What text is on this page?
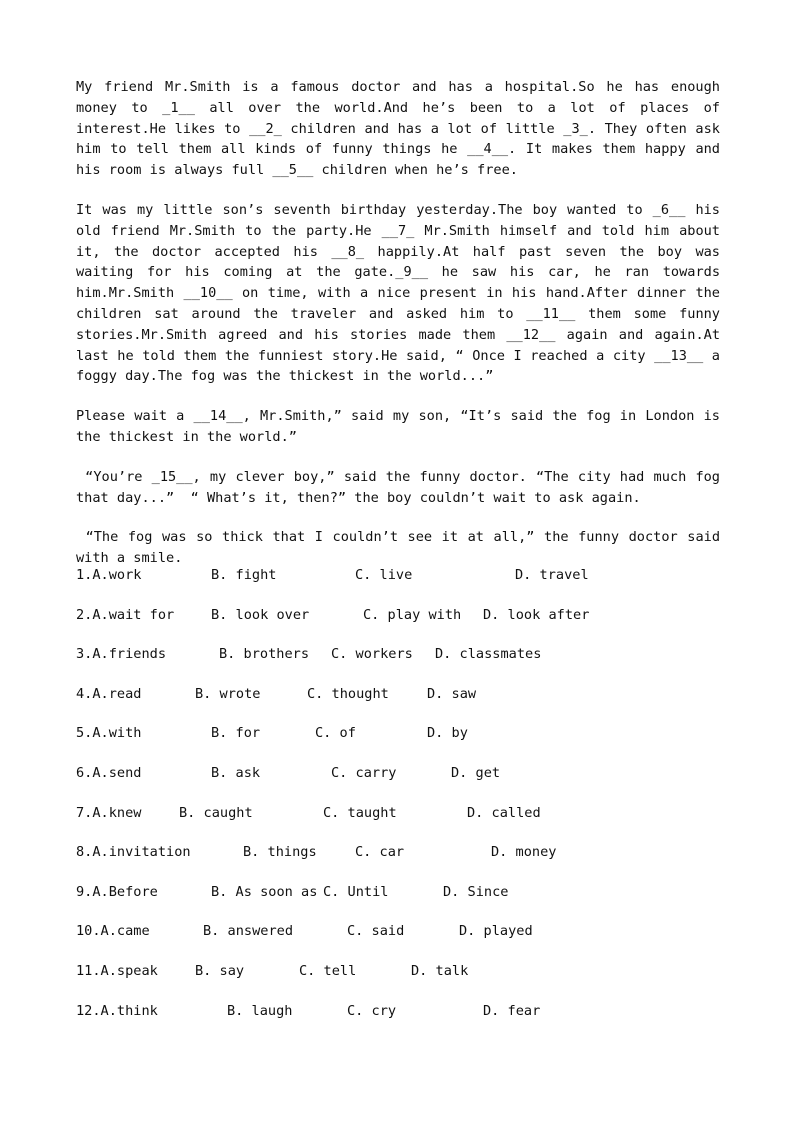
My friend Mr.Smith is a famous doctor and has a hospital.So he has enough money to _1__ all over the world.And he’s been to a lot of places of interest.He likes to __2_ children and has a lot of little _3_. They often ask him to tell them all kinds of funny things he __4__. It makes them happy and his room is always full __5__ children when he’s free.

It was my little son’s seventh birthday yesterday.The boy wanted to _6__ his old friend Mr.Smith to the party.He __7_ Mr.Smith himself and told him about it, the doctor accepted his __8_ happily.At half past seven the boy was waiting for his coming at the gate._9__ he saw his car, he ran towards him.Mr.Smith __10__ on time, with a nice present in his hand.After dinner the children sat around the traveler and asked him to __11__ them some funny stories.Mr.Smith agreed and his stories made them __12__ again and again.At last he told them the funniest story.He said, “ Once I reached a city __13__ a foggy day.The fog was the thickest in the world...”

Please wait a __14__, Mr.Smith,” said my son, “It’s said the fog in London is the thickest in the world.”

“You’re _15__, my clever boy,” said the funny doctor. “The city had much fog that day...”  “ What’s it, then?” the boy couldn’t wait to ask again.

“The fog was so thick that I couldn’t see it at all,” the funny doctor said with a smile.

1.A.work	B. fight	C. live	D. travel
2.A.wait for	B. look over	C. play with D. look after
3.A.friends	B. brothers C. workers D. classmates
4.A.read	B. wrote	C. thought	D. saw
5.A.with	B. for	C. of	D. by
6.A.send	B. ask	C. carry	D. get
7.A.knew	B. caught	C. taught	D. called
8.A.invitation	B. things	C. car	D. money
9.A.Before	B. As soon as C. Until	D. Since
10.A.came	B. answered	C. said	D. played
11.A.speak	B. say	C. tell	D. talk
12.A.think	B. laugh	C. cry	D. fear
